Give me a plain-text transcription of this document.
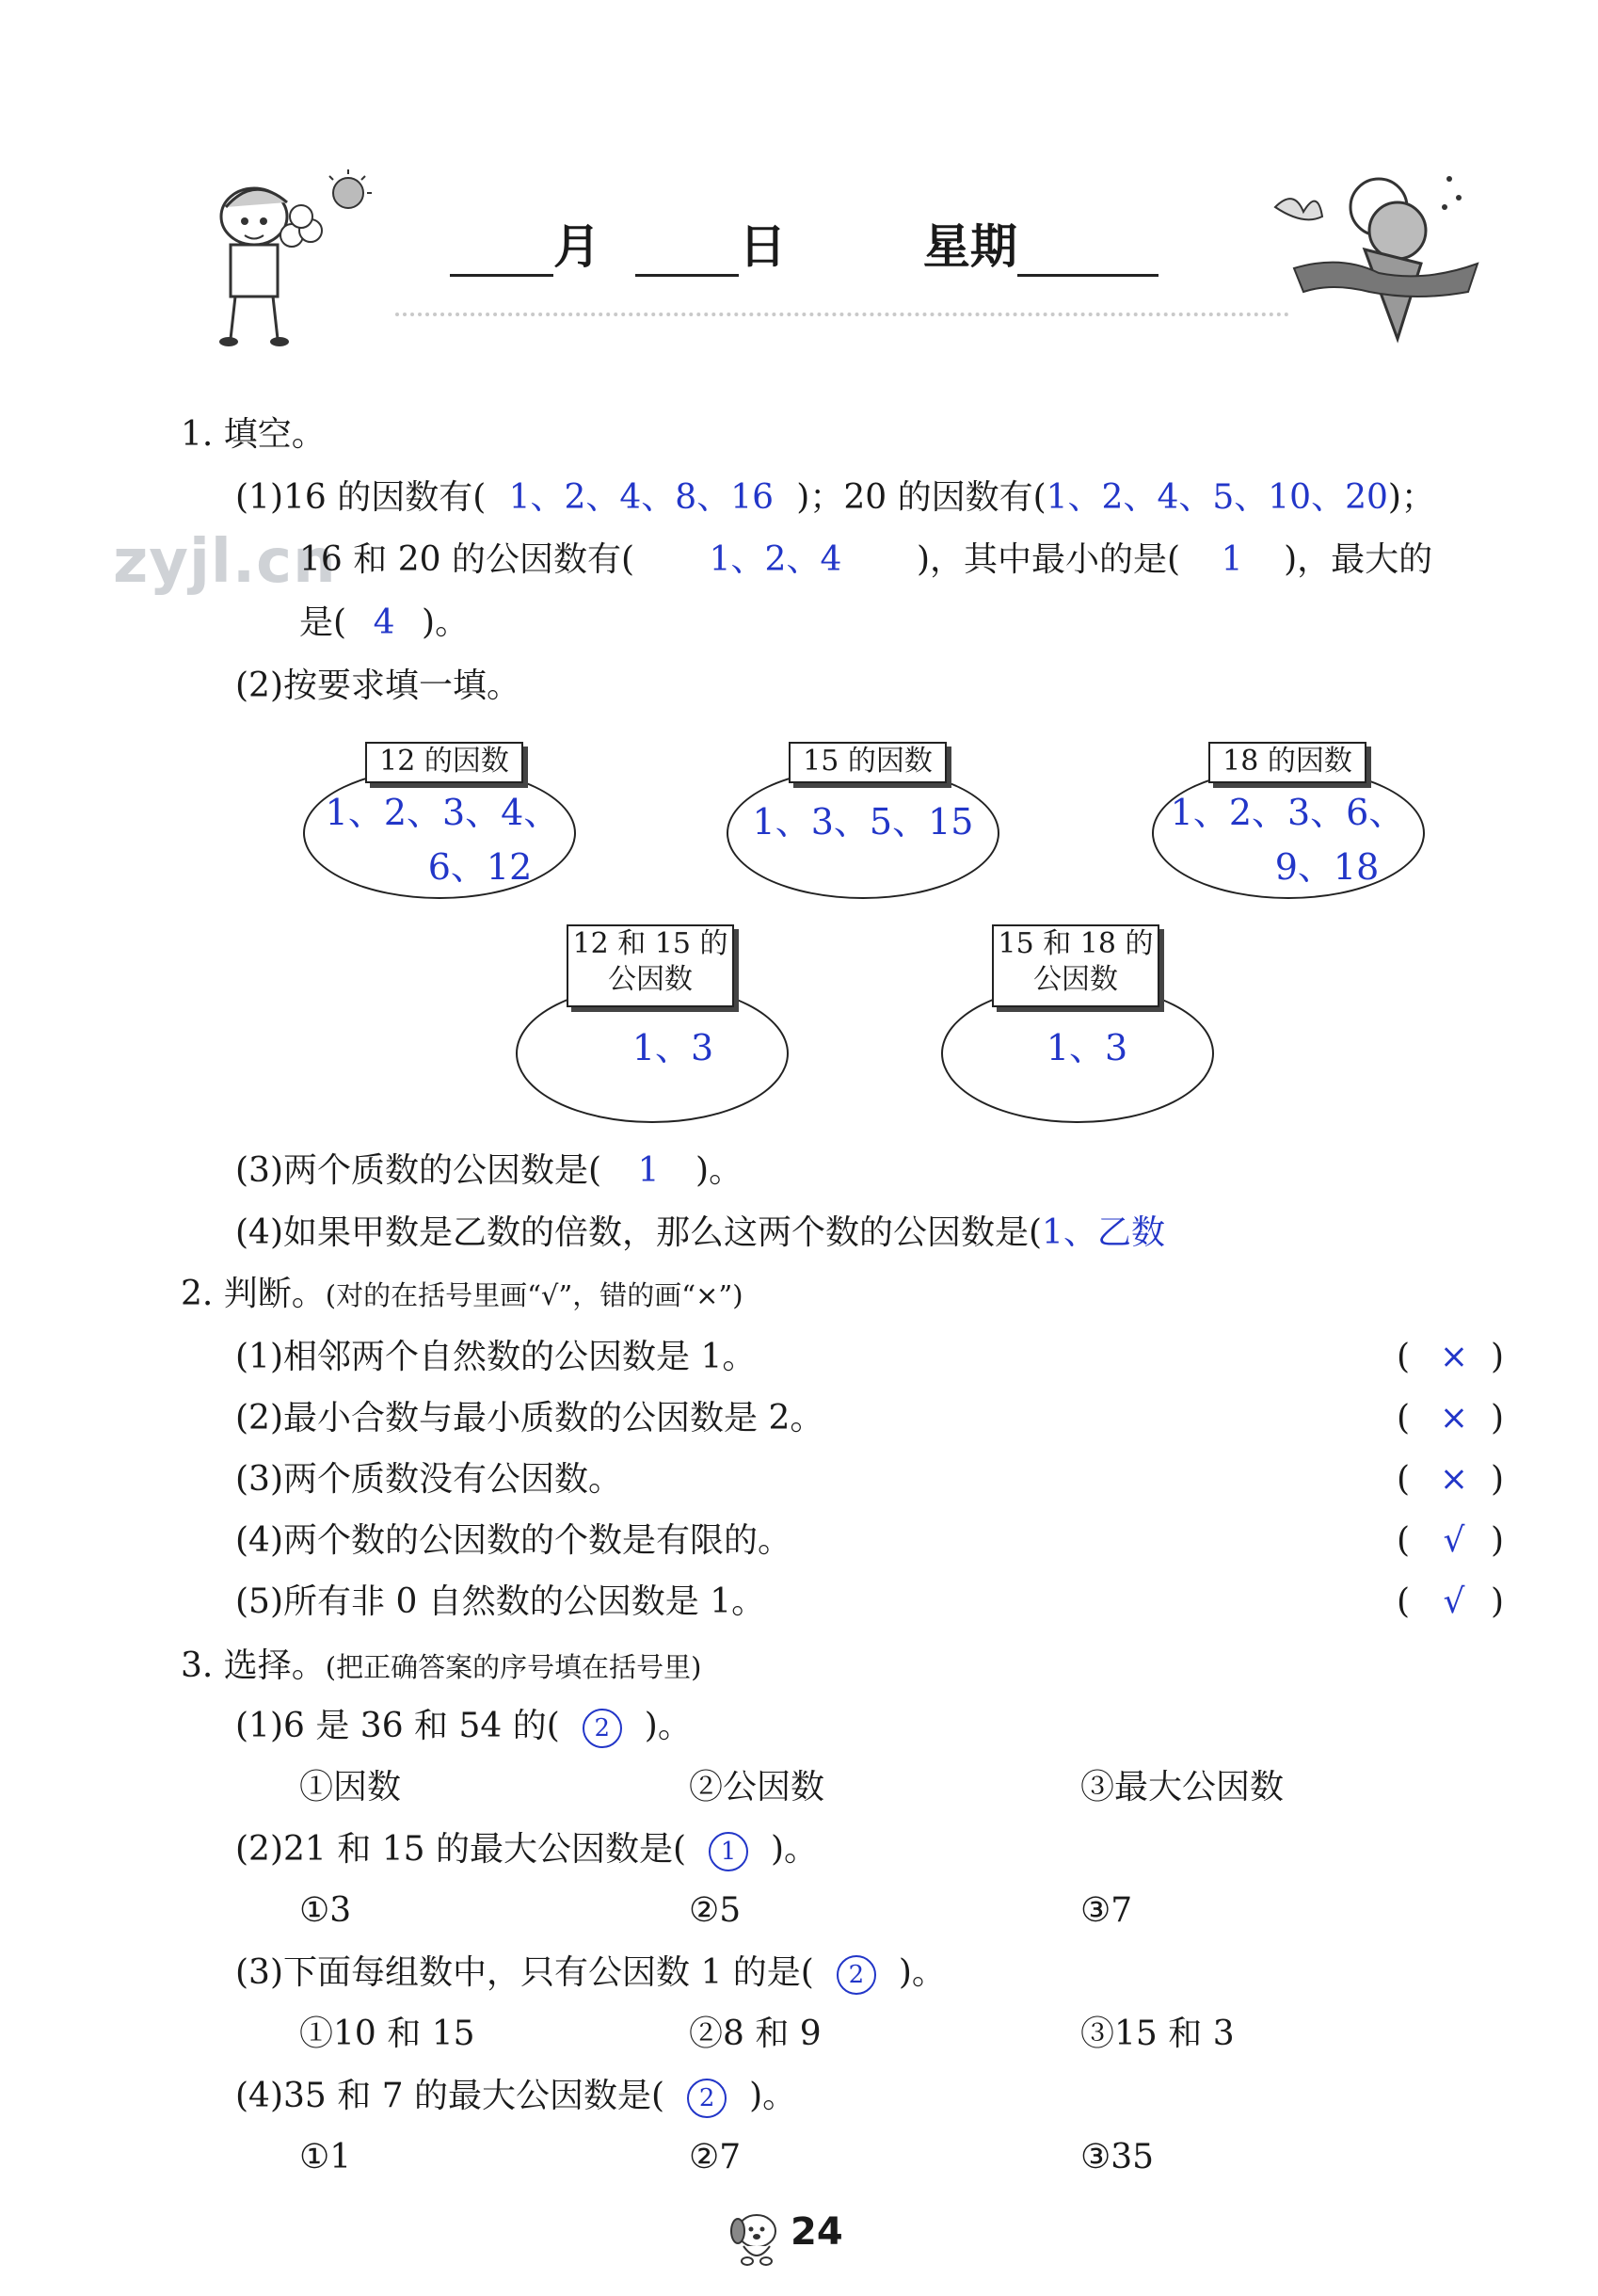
月	日	星期
zyjl.cn
1. 填空。
(1)16 的因数有( 1、2、4、8、16 )；20 的因数有(1、2、4、5、10、20)；
16 和 20 的公因数有( 1、2、4 )，其中最小的是( 1 )，最大的
是( 4 )。
(2)按要求填一填。
12 的因数
1、2、3、4、
6、12
15 的因数
1、3、5、15
18 的因数
1、2、3、6、
9、18
12 和 15 的
公因数
1、3
15 和 18 的
公因数
1、3
(3)两个质数的公因数是( 1 )。
(4)如果甲数是乙数的倍数，那么这两个数的公因数是(1、乙数
2. 判断。(对的在括号里画“√”，错的画“×”)
(1)相邻两个自然数的公因数是 1。	( × )
(2)最小合数与最小质数的公因数是 2。	( × )
(3)两个质数没有公因数。	( × )
(4)两个数的公因数的个数是有限的。	( √ )
(5)所有非 0 自然数的公因数是 1。	( √ )
3. 选择。(把正确答案的序号填在括号里)
(1)6 是 36 和 54 的( 2 )。
①因数	②公因数	③最大公因数
(2)21 和 15 的最大公因数是( 1 )。
①3	②5	③7
(3)下面每组数中，只有公因数 1 的是( 2 )。
①10 和 15	②8 和 9	③15 和 3
(4)35 和 7 的最大公因数是( 2 )。
①1	②7	③35
24
